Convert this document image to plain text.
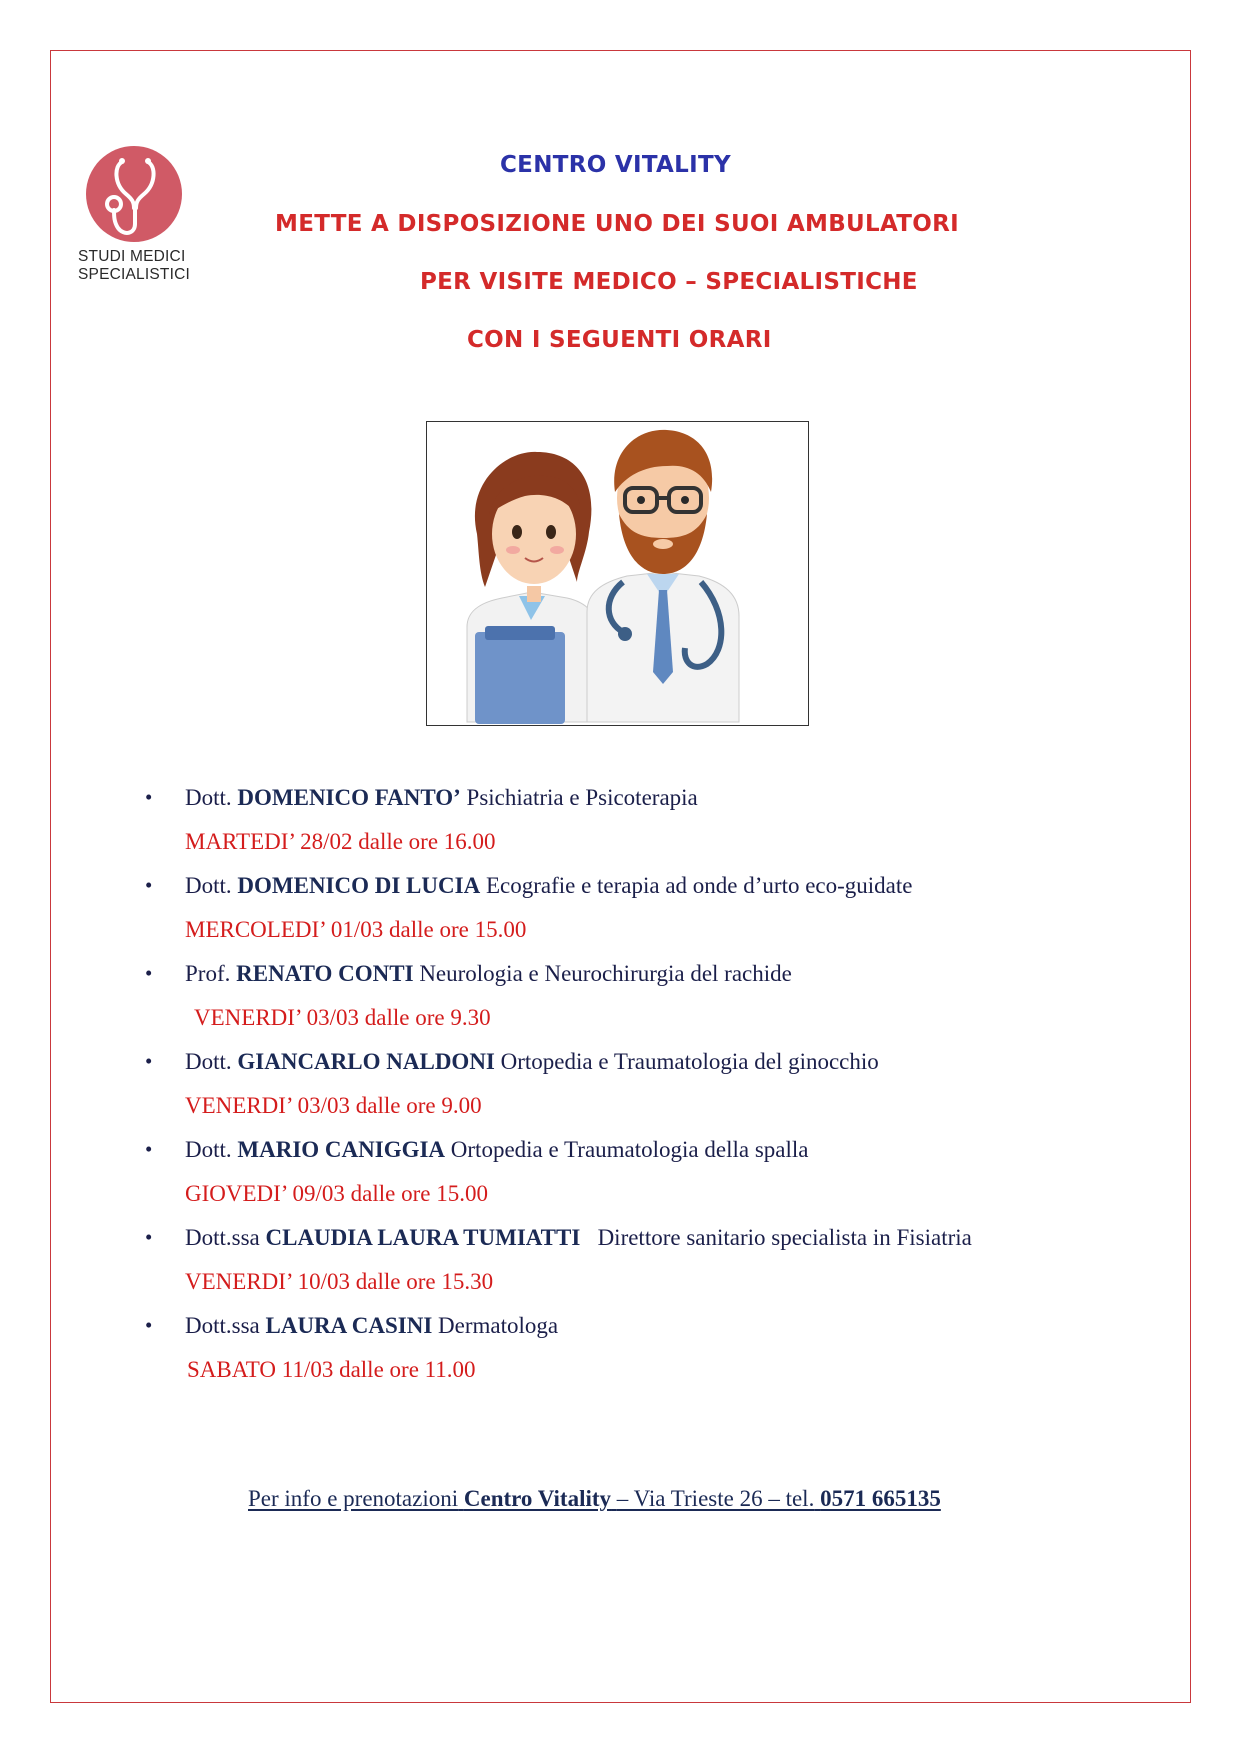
STUDI MEDICI
SPECIALISTICI
CENTRO VITALITY
METTE A DISPOSIZIONE UNO DEI SUOI AMBULATORI
PER VISITE MEDICO – SPECIALISTICHE
CON I SEGUENTI ORARI
• Dott. DOMENICO FANTO’ Psichiatria e Psicoterapia
MARTEDI’ 28/02 dalle ore 16.00
• Dott. DOMENICO DI LUCIA Ecografie e terapia ad onde d’urto eco-guidate
MERCOLEDI’ 01/03 dalle ore 15.00
• Prof. RENATO CONTI Neurologia e Neurochirurgia del rachide
VENERDI’ 03/03 dalle ore 9.30
• Dott. GIANCARLO NALDONI Ortopedia e Traumatologia del ginocchio
VENERDI’ 03/03 dalle ore 9.00
• Dott. MARIO CANIGGIA Ortopedia e Traumatologia della spalla
GIOVEDI’ 09/03 dalle ore 15.00
• Dott.ssa CLAUDIA LAURA TUMIATTI Direttore sanitario specialista in Fisiatria
VENERDI’ 10/03 dalle ore 15.30
• Dott.ssa LAURA CASINI Dermatologa
SABATO 11/03 dalle ore 11.00
Per info e prenotazioni Centro Vitality – Via Trieste 26 – tel. 0571 665135
